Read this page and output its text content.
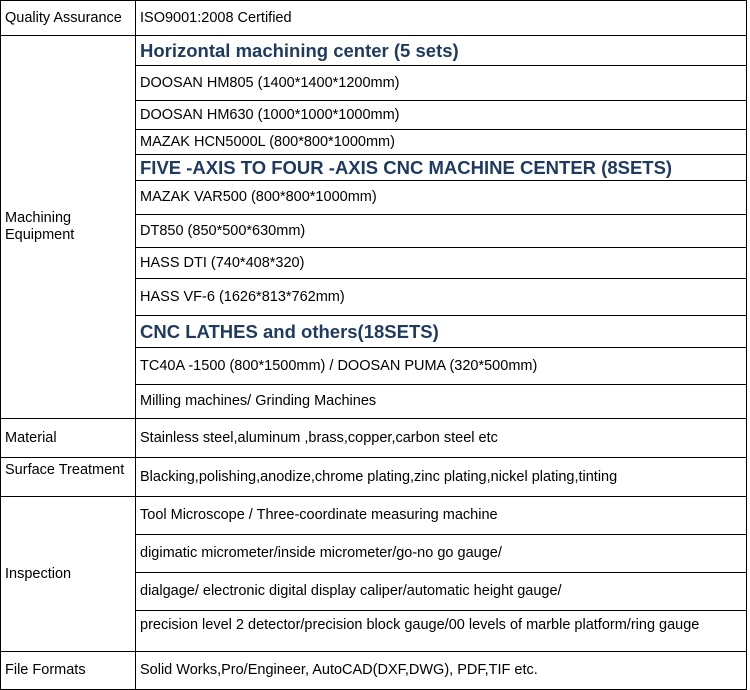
Quality Assurance	ISO9001:2008 Certified
Machining Equipment	Horizontal machining center (5 sets)
	DOOSAN HM805 (1400*1400*1200mm)
	DOOSAN HM630 (1000*1000*1000mm)
	MAZAK HCN5000L (800*800*1000mm)
	FIVE -AXIS TO FOUR -AXIS CNC MACHINE CENTER (8SETS)
	MAZAK VAR500 (800*800*1000mm)
	DT850 (850*500*630mm)
	HASS DTI (740*408*320)
	HASS VF-6 (1626*813*762mm)
	CNC LATHES and others(18SETS)
	TC40A -1500 (800*1500mm) / DOOSAN PUMA (320*500mm)
	Milling machines/ Grinding Machines
Material	Stainless steel,aluminum ,brass,copper,carbon steel etc
Surface Treatment	Blacking,polishing,anodize,chrome plating,zinc plating,nickel plating,tinting
Inspection	Tool Microscope / Three-coordinate measuring machine
	digimatic micrometer/inside micrometer/go-no go gauge/
	dialgage/ electronic digital display caliper/automatic height gauge/
	precision level 2 detector/precision block gauge/00 levels of marble platform/ring gauge
File Formats	Solid Works,Pro/Engineer, AutoCAD(DXF,DWG), PDF,TIF etc.
